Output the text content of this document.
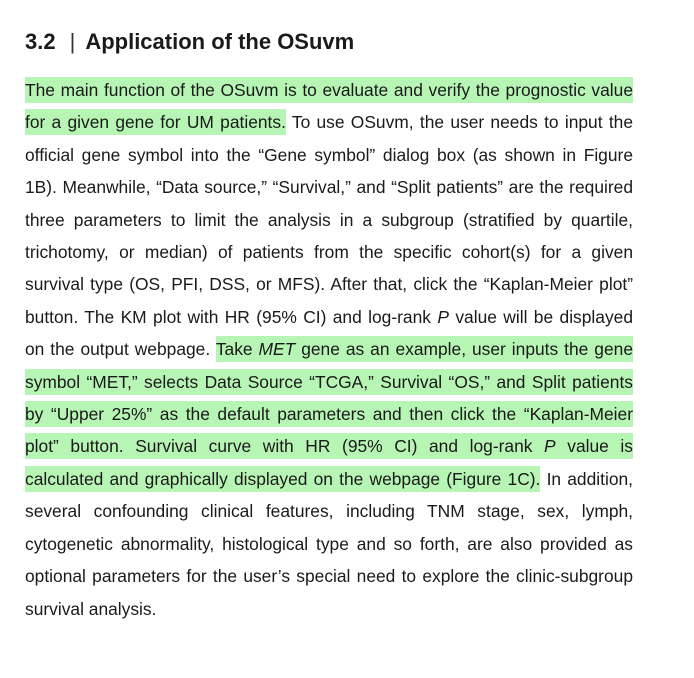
3.2 | Application of the OSuvm

The main function of the OSuvm is to evaluate and verify the prognostic value for a given gene for UM patients. To use OSuvm, the user needs to input the official gene symbol into the “Gene symbol” dialog box (as shown in Figure 1B). Meanwhile, “Data source,” “Survival,” and “Split patients” are the required three parameters to limit the analysis in a subgroup (stratified by quartile, trichotomy, or median) of patients from the specific cohort(s) for a given survival type (OS, PFI, DSS, or MFS). After that, click the “Kaplan-Meier plot” button. The KM plot with HR (95% CI) and log-rank P value will be displayed on the output webpage. Take MET gene as an example, user inputs the gene symbol “MET,” selects Data Source “TCGA,” Survival “OS,” and Split patients by “Upper 25%” as the default parameters and then click the “Kaplan-Meier plot” button. Survival curve with HR (95% CI) and log-rank P value is calculated and graphically displayed on the webpage (Figure 1C). In addition, several confounding clinical features, including TNM stage, sex, lymph, cytogenetic abnormality, histological type and so forth, are also provided as optional parameters for the user’s special need to explore the clinic-subgroup survival analysis.
